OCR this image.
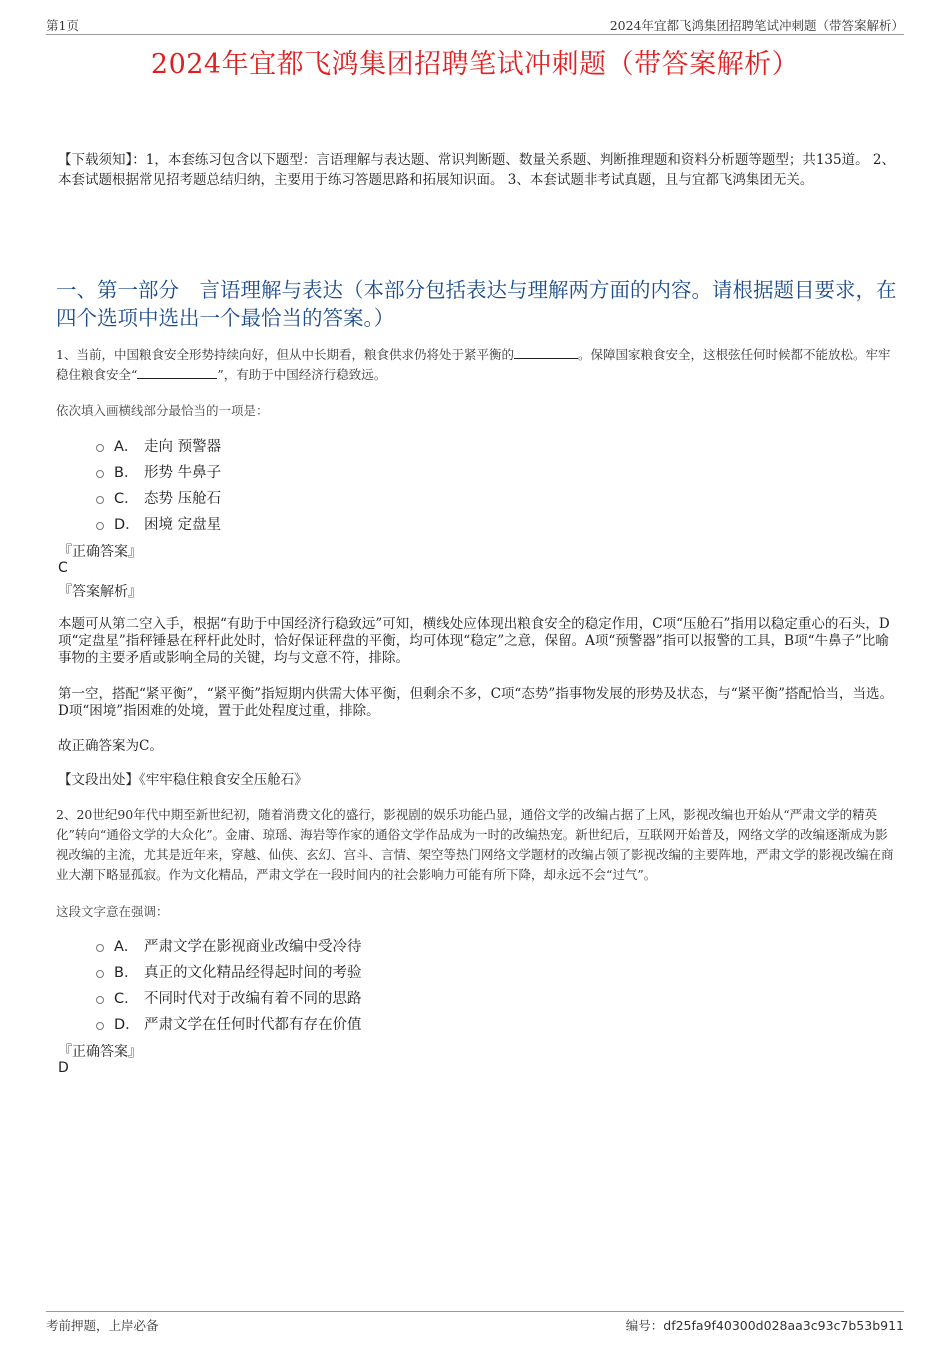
第1页	2024年宜都飞鸿集团招聘笔试冲刺题（带答案解析）
2024年宜都飞鸿集团招聘笔试冲刺题（带答案解析）
【下载须知】：1，本套练习包含以下题型：言语理解与表达题、常识判断题、数量关系题、判断推理题和资料分析题等题型；共135道。 2、本套试题根据常见招考题总结归纳，主要用于练习答题思路和拓展知识面。 3、本套试题非考试真题，且与宜都飞鸿集团无关。
一、第一部分　言语理解与表达（本部分包括表达与理解两方面的内容。请根据题目要求，在四个选项中选出一个最恰当的答案。）
1、当前，中国粮食安全形势持续向好，但从中长期看，粮食供求仍将处于紧平衡的	。保障国家粮食安全，这根弦任何时候都不能放松。牢牢稳住粮食安全“	”，有助于中国经济行稳致远。
依次填入画横线部分最恰当的一项是：
A． 走向 预警器
B． 形势 牛鼻子
C． 态势 压舱石
D． 困境 定盘星
『正确答案』
C
『答案解析』
本题可从第二空入手，根据“有助于中国经济行稳致远”可知，横线处应体现出粮食安全的稳定作用，C项“压舱石”指用以稳定重心的石头，D项“定盘星”指秤锤悬在秤杆此处时，恰好保证秤盘的平衡，均可体现“稳定”之意，保留。A项“预警器”指可以报警的工具，B项“牛鼻子”比喻事物的主要矛盾或影响全局的关键，均与文意不符，排除。
第一空，搭配“紧平衡”，“紧平衡”指短期内供需大体平衡，但剩余不多，C项“态势”指事物发展的形势及状态，与“紧平衡”搭配恰当，当选。D项“困境”指困难的处境，置于此处程度过重，排除。
故正确答案为C。
【文段出处】《牢牢稳住粮食安全压舱石》
2、20世纪90年代中期至新世纪初，随着消费文化的盛行，影视剧的娱乐功能凸显，通俗文学的改编占据了上风，影视改编也开始从“严肃文学的精英化”转向“通俗文学的大众化”。金庸、琼瑶、海岩等作家的通俗文学作品成为一时的改编热宠。新世纪后，互联网开始普及，网络文学的改编逐渐成为影视改编的主流，尤其是近年来，穿越、仙侠、玄幻、宫斗、言情、架空等热门网络文学题材的改编占领了影视改编的主要阵地，严肃文学的影视改编在商业大潮下略显孤寂。作为文化精品，严肃文学在一段时间内的社会影响力可能有所下降，却永远不会“过气”。
这段文字意在强调：
A． 严肃文学在影视商业改编中受冷待
B． 真正的文化精品经得起时间的考验
C． 不同时代对于改编有着不同的思路
D． 严肃文学在任何时代都有存在价值
『正确答案』
D
考前押题，上岸必备	编号：df25fa9f40300d028aa3c93c7b53b911
